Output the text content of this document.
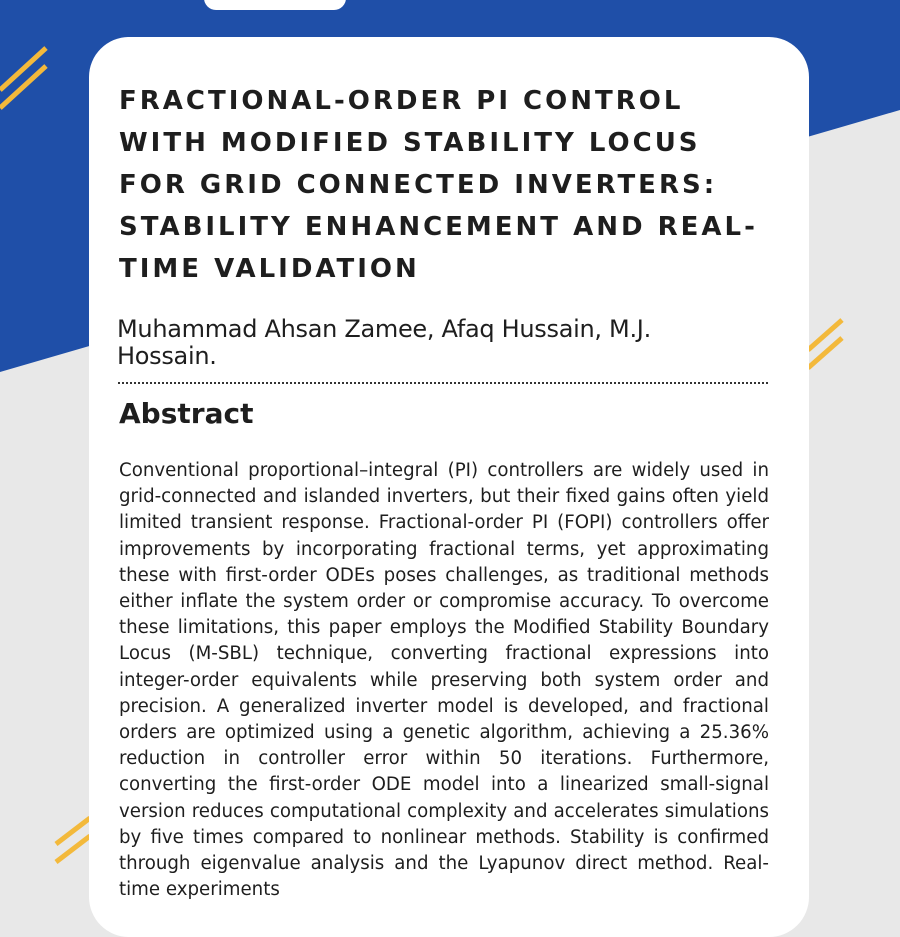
FRACTIONAL-ORDER PI CONTROL WITH MODIFIED STABILITY LOCUS FOR GRID CONNECTED INVERTERS: STABILITY ENHANCEMENT AND REAL-TIME VALIDATION

Muhammad Ahsan Zamee, Afaq Hussain, M.J. Hossain.

Abstract

Conventional proportional–integral (PI) controllers are widely used in grid-connected and islanded inverters, but their fixed gains often yield limited transient response. Fractional-order PI (FOPI) controllers offer improvements by incorporating fractional terms, yet approximating these with first-order ODEs poses challenges, as traditional methods either inflate the system order or compromise accuracy. To overcome these limitations, this paper employs the Modified Stability Boundary Locus (M-SBL) technique, converting fractional expressions into integer-order equivalents while preserving both system order and precision. A generalized inverter model is developed, and fractional orders are optimized using a genetic algorithm, achieving a 25.36% reduction in controller error within 50 iterations. Furthermore, converting the first-order ODE model into a linearized small-signal version reduces computational complexity and accelerates simulations by five times compared to nonlinear methods. Stability is confirmed through eigenvalue analysis and the Lyapunov direct method. Real-time experiments
